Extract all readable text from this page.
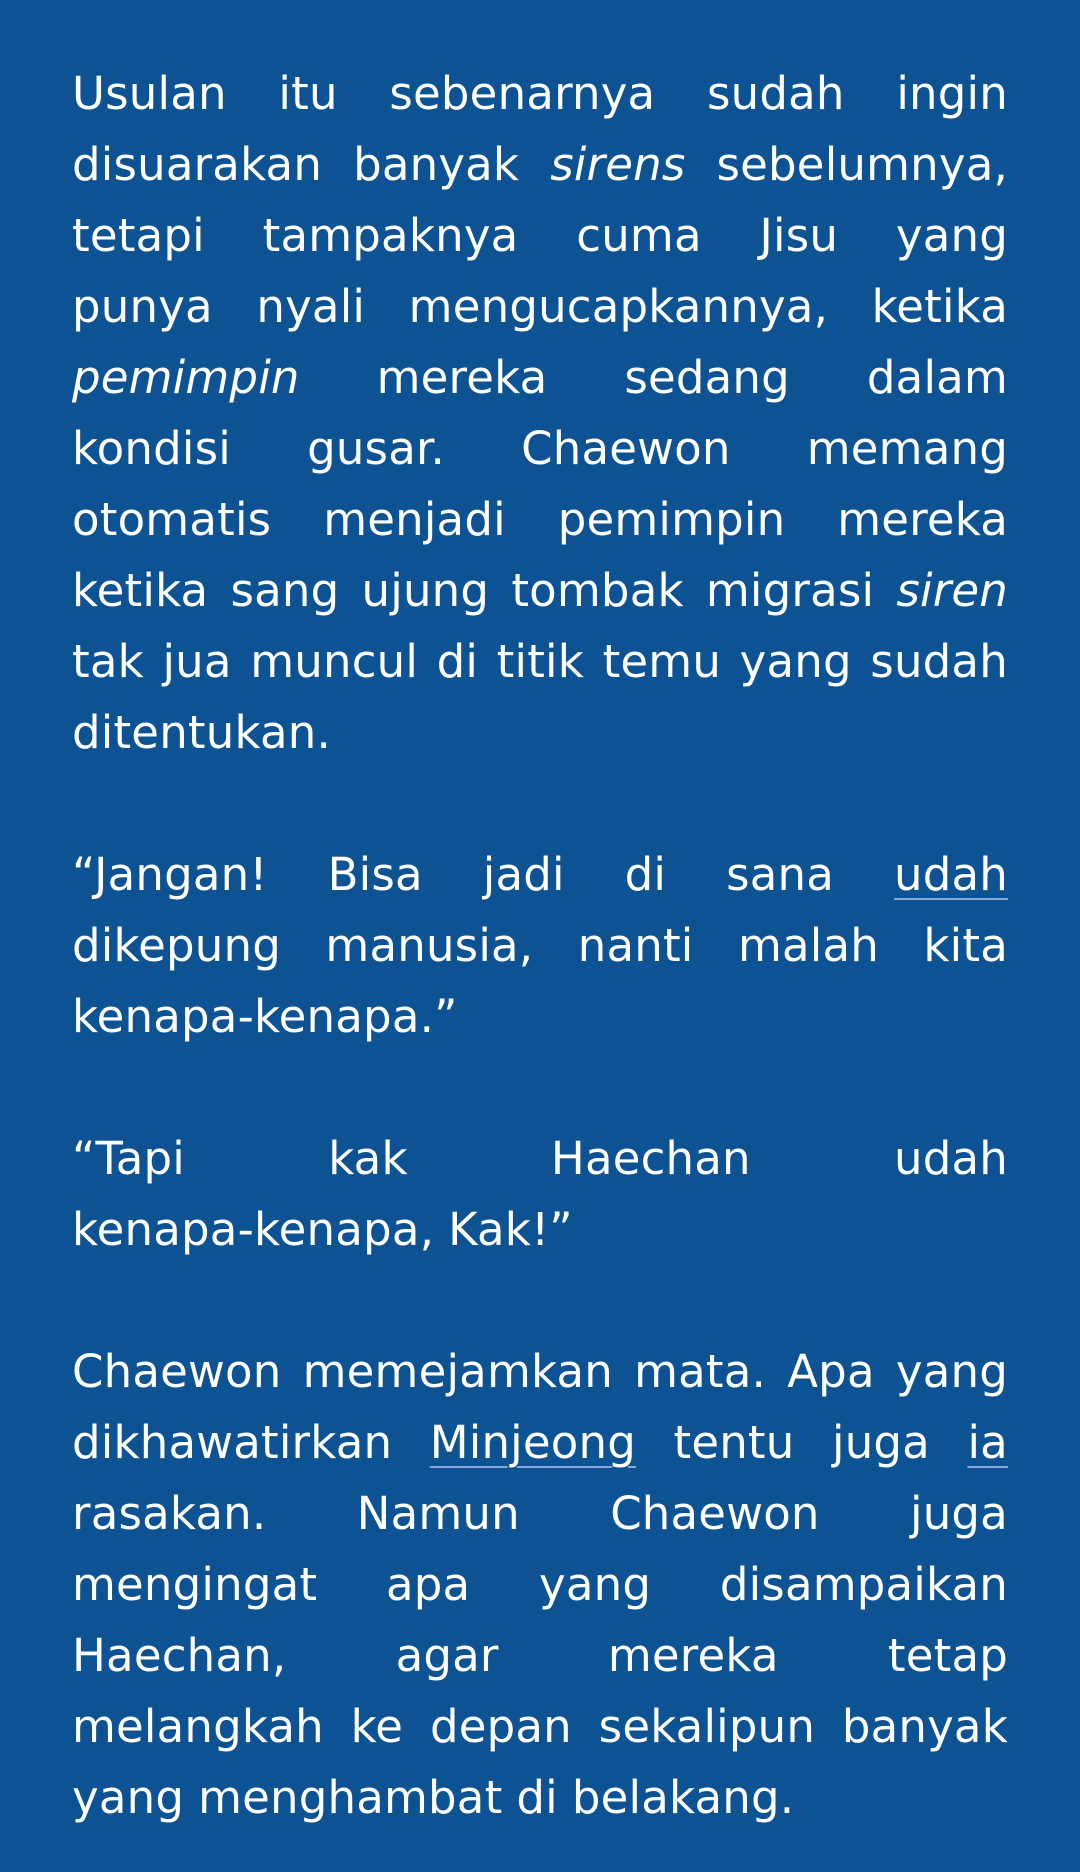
Usulan itu sebenarnya sudah ingin
disuarakan banyak sirens sebelumnya,
tetapi tampaknya cuma Jisu yang
punya nyali mengucapkannya, ketika
pemimpin mereka sedang dalam
kondisi gusar. Chaewon memang
otomatis menjadi pemimpin mereka
ketika sang ujung tombak migrasi siren
tak jua muncul di titik temu yang sudah
ditentukan.
“Jangan! Bisa jadi di sana udah
dikepung manusia, nanti malah kita
kenapa-kenapa.”
“Tapi	kak	Haechan	udah
kenapa-kenapa, Kak!”
Chaewon memejamkan mata. Apa yang
dikhawatirkan Minjeong tentu juga ia
rasakan. Namun Chaewon juga
mengingat apa yang disampaikan
Haechan, agar mereka tetap
melangkah ke depan sekalipun banyak
yang menghambat di belakang.
